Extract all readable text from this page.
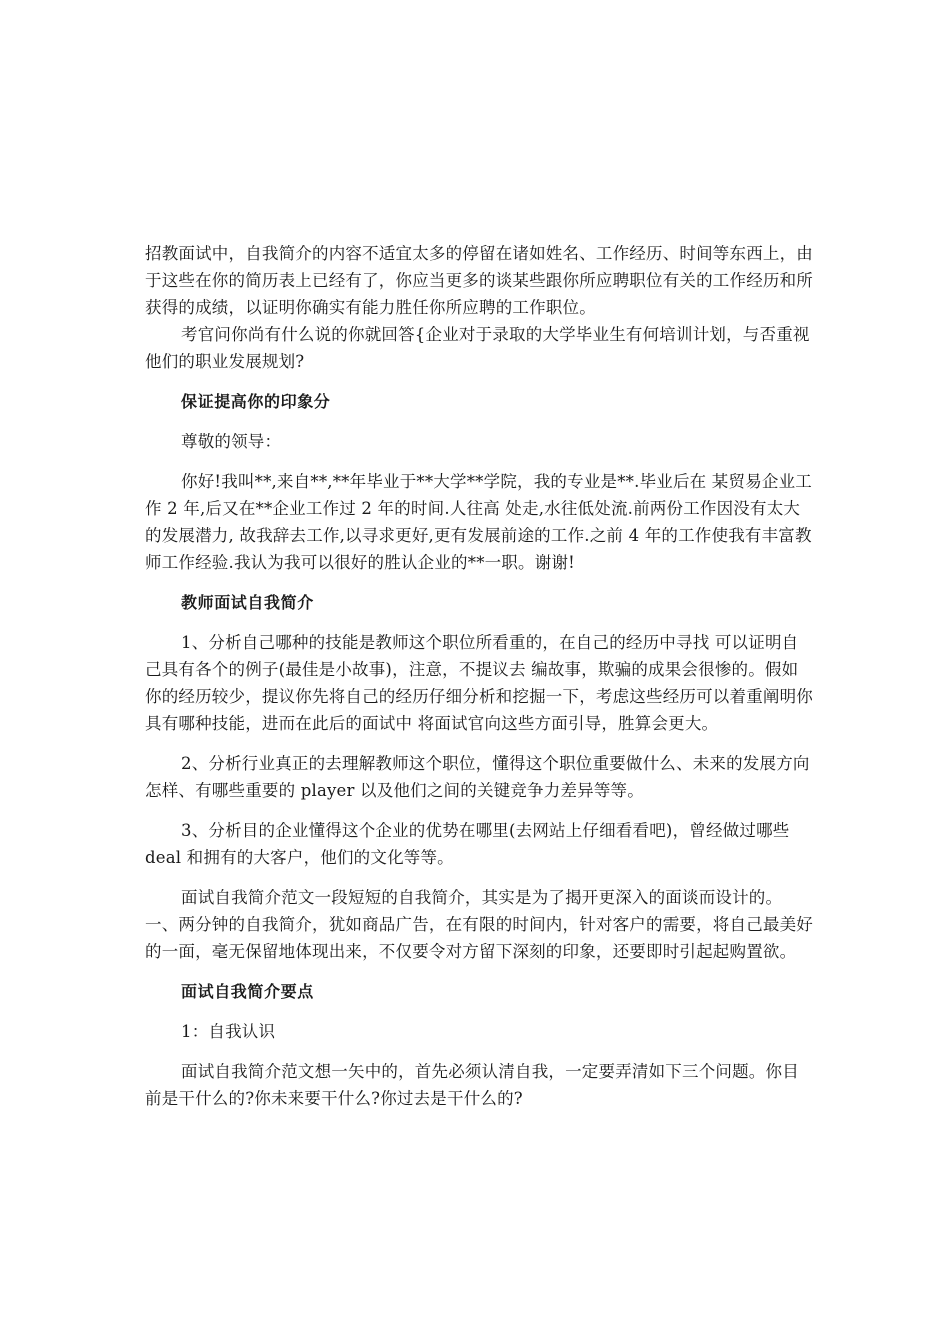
招教面试中，自我简介的内容不适宜太多的停留在诸如姓名、工作经历、时间等东西上，由于这些在你的简历表上已经有了，你应当更多的谈某些跟你所应聘职位有关的工作经历和所获得的成绩，以证明你确实有能力胜任你所应聘的工作职位。

考官问你尚有什么说的你就回答{企业对于录取的大学毕业生有何培训计划，与否重视他们的职业发展规划?

保证提高你的印象分

尊敬的领导：

你好!我叫**,来自**,**年毕业于**大学**学院，我的专业是**.毕业后在 某贸易企业工作 2 年,后又在**企业工作过 2 年的时间.人往高 处走,水往低处流.前两份工作因没有太大的发展潜力, 故我辞去工作,以寻求更好,更有发展前途的工作.之前 4 年的工作使我有丰富教师工作经验.我认为我可以很好的胜认企业的**一职。谢谢!

教师面试自我简介

1、分析自己哪种的技能是教师这个职位所看重的，在自己的经历中寻找 可以证明自己具有各个的例子(最佳是小故事)，注意，不提议去 编故事，欺骗的成果会很惨的。假如你的经历较少，提议你先将自己的经历仔细分析和挖掘一下，考虑这些经历可以着重阐明你具有哪种技能，进而在此后的面试中 将面试官向这些方面引导，胜算会更大。

2、分析行业真正的去理解教师这个职位，懂得这个职位重要做什么、未来的发展方向怎样、有哪些重要的 player 以及他们之间的关键竞争力差异等等。

3、分析目的企业懂得这个企业的优势在哪里(去网站上仔细看看吧)，曾经做过哪些 deal 和拥有的大客户，他们的文化等等。

面试自我简介范文一段短短的自我简介，其实是为了揭开更深入的面谈而设计的。一、两分钟的自我简介，犹如商品广告，在有限的时间内，针对客户的需要，将自己最美好的一面，毫无保留地体现出来，不仅要令对方留下深刻的印象，还要即时引起起购置欲。

面试自我简介要点

1：自我认识

面试自我简介范文想一矢中的，首先必须认清自我，一定要弄清如下三个问题。你目前是干什么的?你未来要干什么?你过去是干什么的?
